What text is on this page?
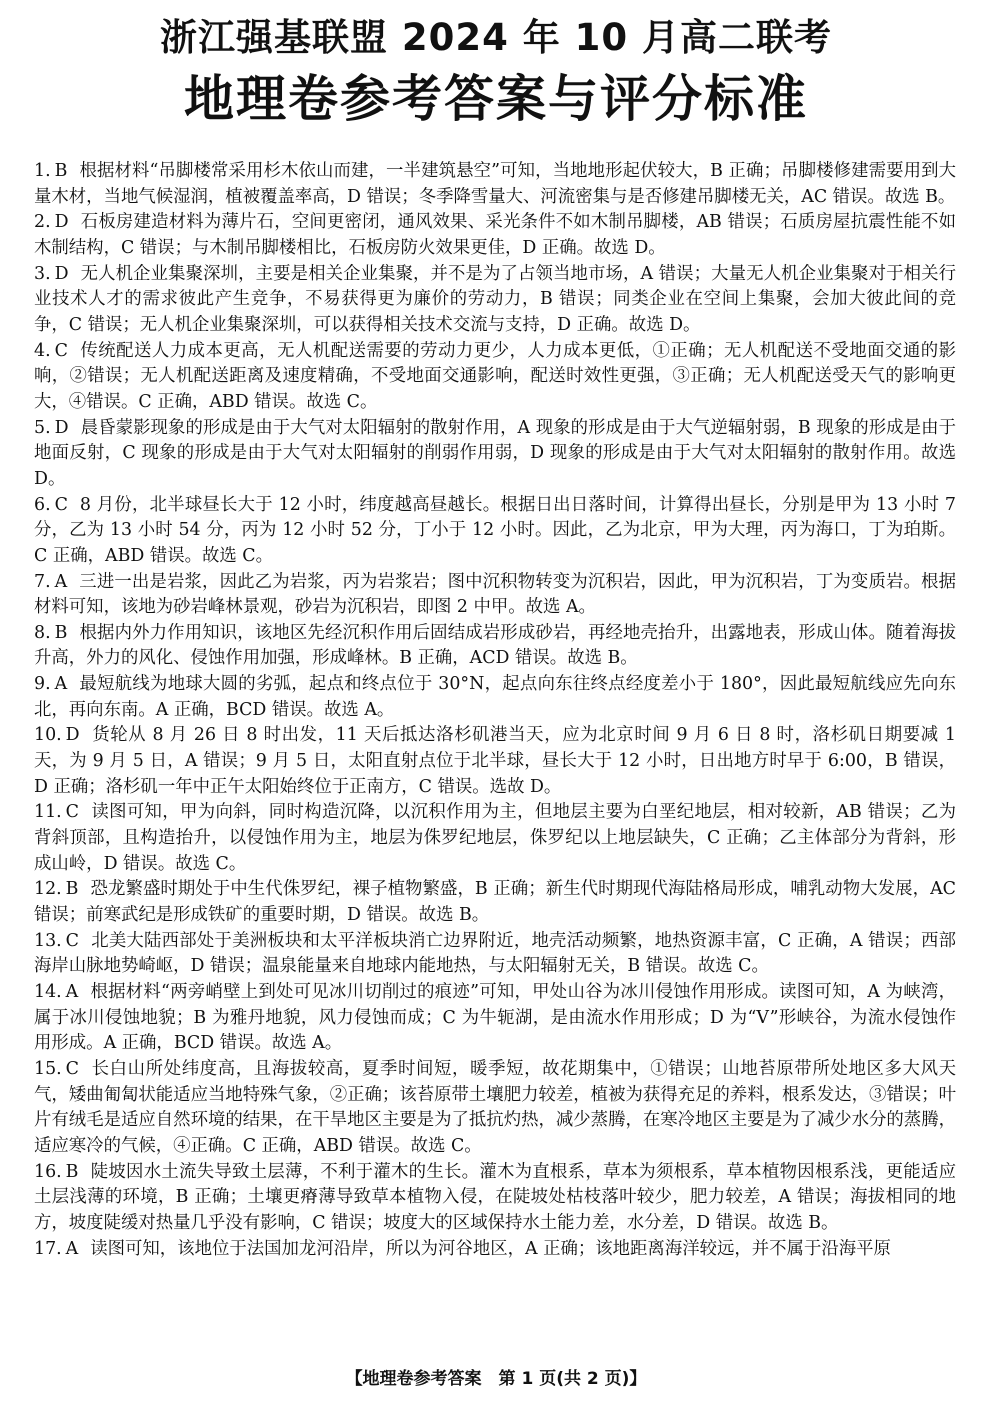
浙江强基联盟 2024 年 10 月高二联考
地理卷参考答案与评分标准

1. B 根据材料“吊脚楼常采用杉木依山而建，一半建筑悬空”可知，当地地形起伏较大，B 正确；吊脚楼修建需要用到大量木材，当地气候湿润，植被覆盖率高，D 错误；冬季降雪量大、河流密集与是否修建吊脚楼无关，AC 错误。故选 B。

2. D 石板房建造材料为薄片石，空间更密闭，通风效果、采光条件不如木制吊脚楼，AB 错误；石质房屋抗震性能不如木制结构，C 错误；与木制吊脚楼相比，石板房防火效果更佳，D 正确。故选 D。

3. D 无人机企业集聚深圳，主要是相关企业集聚，并不是为了占领当地市场，A 错误；大量无人机企业集聚对于相关行业技术人才的需求彼此产生竞争，不易获得更为廉价的劳动力，B 错误；同类企业在空间上集聚，会加大彼此间的竞争，C 错误；无人机企业集聚深圳，可以获得相关技术交流与支持，D 正确。故选 D。

4. C 传统配送人力成本更高，无人机配送需要的劳动力更少，人力成本更低，①正确；无人机配送不受地面交通的影响，②错误；无人机配送距离及速度精确，不受地面交通影响，配送时效性更强，③正确；无人机配送受天气的影响更大，④错误。C 正确，ABD 错误。故选 C。

5. D 晨昏蒙影现象的形成是由于大气对太阳辐射的散射作用，A 现象的形成是由于大气逆辐射弱，B 现象的形成是由于地面反射，C 现象的形成是由于大气对太阳辐射的削弱作用弱，D 现象的形成是由于大气对太阳辐射的散射作用。故选 D。

6. C 8 月份，北半球昼长大于 12 小时，纬度越高昼越长。根据日出日落时间，计算得出昼长，分别是甲为 13 小时 7 分，乙为 13 小时 54 分，丙为 12 小时 52 分，丁小于 12 小时。因此，乙为北京，甲为大理，丙为海口，丁为珀斯。C 正确，ABD 错误。故选 C。

7. A 三进一出是岩浆，因此乙为岩浆，丙为岩浆岩；图中沉积物转变为沉积岩，因此，甲为沉积岩，丁为变质岩。根据材料可知，该地为砂岩峰林景观，砂岩为沉积岩，即图 2 中甲。故选 A。

8. B 根据内外力作用知识，该地区先经沉积作用后固结成岩形成砂岩，再经地壳抬升，出露地表，形成山体。随着海拔升高，外力的风化、侵蚀作用加强，形成峰林。B 正确，ACD 错误。故选 B。

9. A 最短航线为地球大圆的劣弧，起点和终点位于 30°N，起点向东往终点经度差小于 180°，因此最短航线应先向东北，再向东南。A 正确，BCD 错误。故选 A。

10. D 货轮从 8 月 26 日 8 时出发，11 天后抵达洛杉矶港当天，应为北京时间 9 月 6 日 8 时，洛杉矶日期要减 1 天，为 9 月 5 日，A 错误；9 月 5 日，太阳直射点位于北半球，昼长大于 12 小时，日出地方时早于 6:00，B 错误，D 正确；洛杉矶一年中正午太阳始终位于正南方，C 错误。选故 D。

11. C 读图可知，甲为向斜，同时构造沉降，以沉积作用为主，但地层主要为白垩纪地层，相对较新，AB 错误；乙为背斜顶部，且构造抬升，以侵蚀作用为主，地层为侏罗纪地层，侏罗纪以上地层缺失，C 正确；乙主体部分为背斜，形成山岭，D 错误。故选 C。

12. B 恐龙繁盛时期处于中生代侏罗纪，裸子植物繁盛，B 正确；新生代时期现代海陆格局形成，哺乳动物大发展，AC 错误；前寒武纪是形成铁矿的重要时期，D 错误。故选 B。

13. C 北美大陆西部处于美洲板块和太平洋板块消亡边界附近，地壳活动频繁，地热资源丰富，C 正确，A 错误；西部海岸山脉地势崎岖，D 错误；温泉能量来自地球内能地热，与太阳辐射无关，B 错误。故选 C。

14. A 根据材料“两旁峭壁上到处可见冰川切削过的痕迹”可知，甲处山谷为冰川侵蚀作用形成。读图可知，A 为峡湾，属于冰川侵蚀地貌；B 为雅丹地貌，风力侵蚀而成；C 为牛轭湖，是由流水作用形成；D 为“V”形峡谷，为流水侵蚀作用形成。A 正确，BCD 错误。故选 A。

15. C 长白山所处纬度高，且海拔较高，夏季时间短，暖季短，故花期集中，①错误；山地苔原带所处地区多大风天气，矮曲匍匐状能适应当地特殊气象，②正确；该苔原带土壤肥力较差，植被为获得充足的养料，根系发达，③错误；叶片有绒毛是适应自然环境的结果，在干旱地区主要是为了抵抗灼热，减少蒸腾，在寒冷地区主要是为了减少水分的蒸腾，适应寒冷的气候，④正确。C 正确，ABD 错误。故选 C。

16. B 陡坡因水土流失导致土层薄，不利于灌木的生长。灌木为直根系，草本为须根系，草本植物因根系浅，更能适应土层浅薄的环境，B 正确；土壤更瘠薄导致草本植物入侵，在陡坡处枯枝落叶较少，肥力较差，A 错误；海拔相同的地方，坡度陡缓对热量几乎没有影响，C 错误；坡度大的区域保持水土能力差，水分差，D 错误。故选 B。

17. A 读图可知，该地位于法国加龙河沿岸，所以为河谷地区，A 正确；该地距离海洋较远，并不属于沿海平原

【地理卷参考答案　第 1 页(共 2 页)】
